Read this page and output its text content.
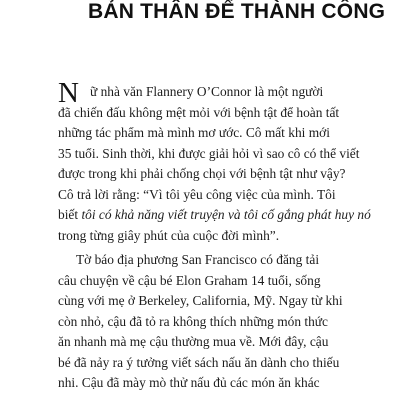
BẢN THÂN ĐỂ THÀNH CÔNG
N ữ nhà văn Flannery O’Connor là một người
đã chiến đấu không mệt mỏi với bệnh tật để hoàn tất
những tác phẩm mà mình mơ ước. Cô mất khi mới
35 tuổi. Sinh thời, khi được giải hỏi vì sao cô có thể viết
được trong khi phải chống chọi với bệnh tật như vậy?
Cô trả lời rằng: “Vì tôi yêu công việc của mình. Tôi
biết tôi có khả năng viết truyện và tôi cố gắng phát huy nó
trong từng giây phút của cuộc đời mình”.
Tờ báo địa phương San Francisco có đăng tải
câu chuyện về cậu bé Elon Graham 14 tuổi, sống
cùng với mẹ ở Berkeley, California, Mỹ. Ngay từ khi
còn nhỏ, cậu đã tỏ ra không thích những món thức
ăn nhanh mà mẹ cậu thường mua về. Mới đây, cậu
bé đã nảy ra ý tưởng viết sách nấu ăn dành cho thiếu
nhi. Cậu đã mày mò thử nấu đủ các món ăn khác
